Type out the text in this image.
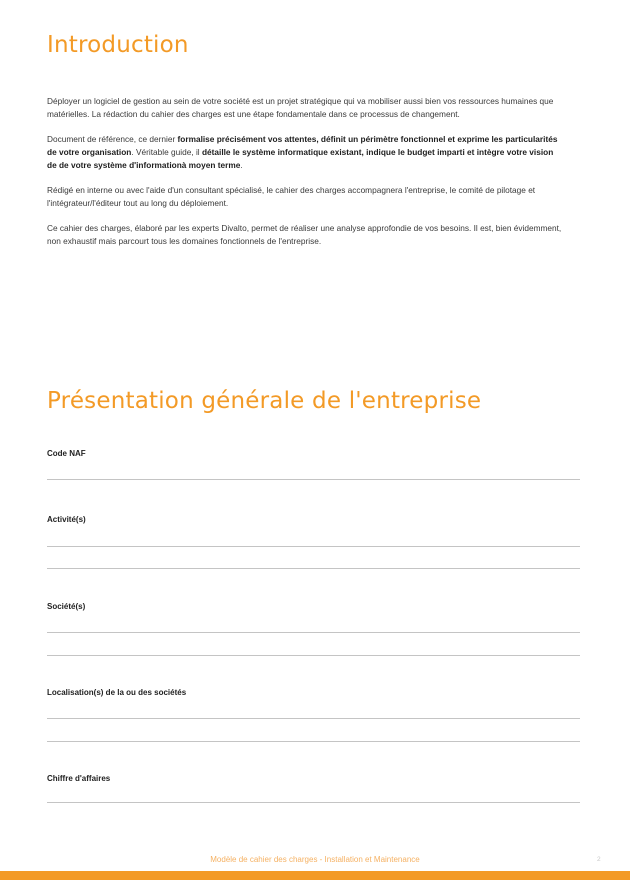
Introduction

Déployer un logiciel de gestion au sein de votre société est un projet stratégique qui va mobiliser aussi bien vos ressources humaines que matérielles. La rédaction du cahier des charges est une étape fondamentale dans ce processus de changement.

Document de référence, ce dernier formalise précisément vos attentes, définit un périmètre fonctionnel et exprime les particularités de votre organisation. Véritable guide, il détaille le système informatique existant, indique le budget imparti et intègre votre vision de de votre système d'informationà moyen terme.

Rédigé en interne ou avec l'aide d'un consultant spécialisé, le cahier des charges accompagnera l'entreprise, le comité de pilotage et l'intégrateur/l'éditeur tout au long du déploiement.

Ce cahier des charges, élaboré par les experts Divalto, permet de réaliser une analyse approfondie de vos besoins. Il est, bien évidemment, non exhaustif mais parcourt tous les domaines fonctionnels de l'entreprise.

Présentation générale de l'entreprise
Code NAF
Activité(s)
Société(s)
Localisation(s) de la ou des sociétés
Chiffre d'affaires
Modèle de cahier des charges - Installation et Maintenance	2
